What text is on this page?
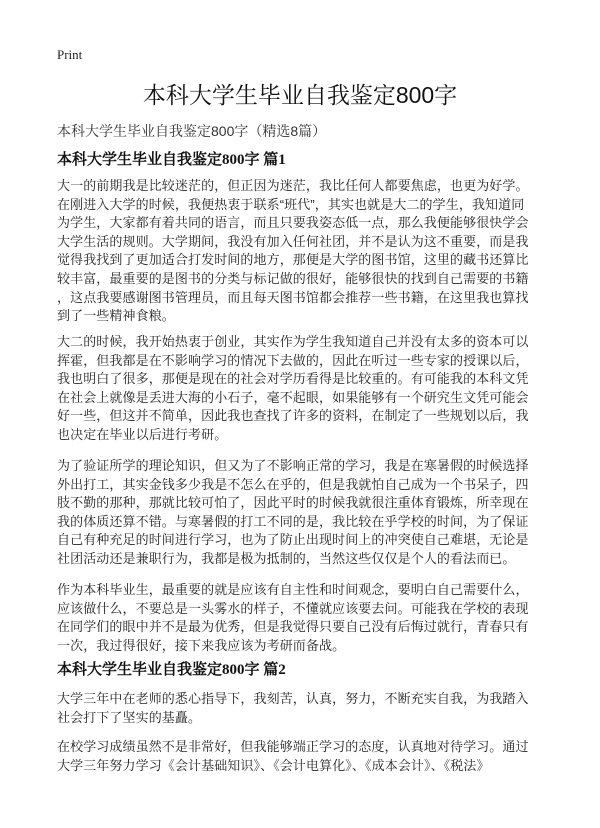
Print
本科大学生毕业自我鉴定800字
本科大学生毕业自我鉴定800字（精选8篇）
本科大学生毕业自我鉴定800字 篇1
大一的前期我是比较迷茫的，但正因为迷茫，我比任何人都要焦虑，也更为好学。
在刚进入大学的时候，我便热衷于联系“班代”，其实也就是大二的学生，我知道同
为学生，大家都有着共同的语言，而且只要我姿态低一点，那么我便能够很快学会
大学生活的规则。大学期间，我没有加入任何社团，并不是认为这不重要，而是我
觉得我找到了更加适合打发时间的地方，那便是大学的图书馆，这里的藏书还算比
较丰富，最重要的是图书的分类与标记做的很好，能够很快的找到自己需要的书籍
，这点我要感谢图书管理员，而且每天图书馆都会推荐一些书籍，在这里我也算找
到了一些精神食粮。
大二的时候，我开始热衷于创业，其实作为学生我知道自己并没有太多的资本可以
挥霍，但我都是在不影响学习的情况下去做的，因此在听过一些专家的授课以后，
我也明白了很多，那便是现在的社会对学历看得是比较重的。有可能我的本科文凭
在社会上就像是丢进大海的小石子，毫不起眼，如果能够有一个研究生文凭可能会
好一些，但这并不简单，因此我也查找了许多的资料，在制定了一些规划以后，我
也决定在毕业以后进行考研。
为了验证所学的理论知识，但又为了不影响正常的学习，我是在寒暑假的时候选择
外出打工，其实金钱多少我是不怎么在乎的，但是我就怕自己成为一个书呆子，四
肢不勤的那种，那就比较可怕了，因此平时的时候我就很注重体育锻炼，所幸现在
我的体质还算不错。与寒暑假的打工不同的是，我比较在乎学校的时间，为了保证
自己有种充足的时间进行学习，也为了防止出现时间上的冲突使自己难堪，无论是
社团活动还是兼职行为，我都是极为抵制的，当然这些仅仅是个人的看法而已。
作为本科毕业生，最重要的就是应该有自主性和时间观念，要明白自己需要什么，
应该做什么，不要总是一头雾水的样子，不懂就应该要去问。可能我在学校的表现
在同学们的眼中并不是最为优秀，但是我觉得只要自己没有后悔过就行，青春只有
一次，我过得很好，接下来我应该为考研而备战。
本科大学生毕业自我鉴定800字 篇2
大学三年中在老师的悉心指导下，我刻苦，认真，努力，不断充实自我，为我踏入
社会打下了坚实的基矗。
在校学习成绩虽然不是非常好，但我能够端正学习的态度，认真地对待学习。通过
大学三年努力学习《会计基础知识》、《会计电算化》、《成本会计》、《税法》
